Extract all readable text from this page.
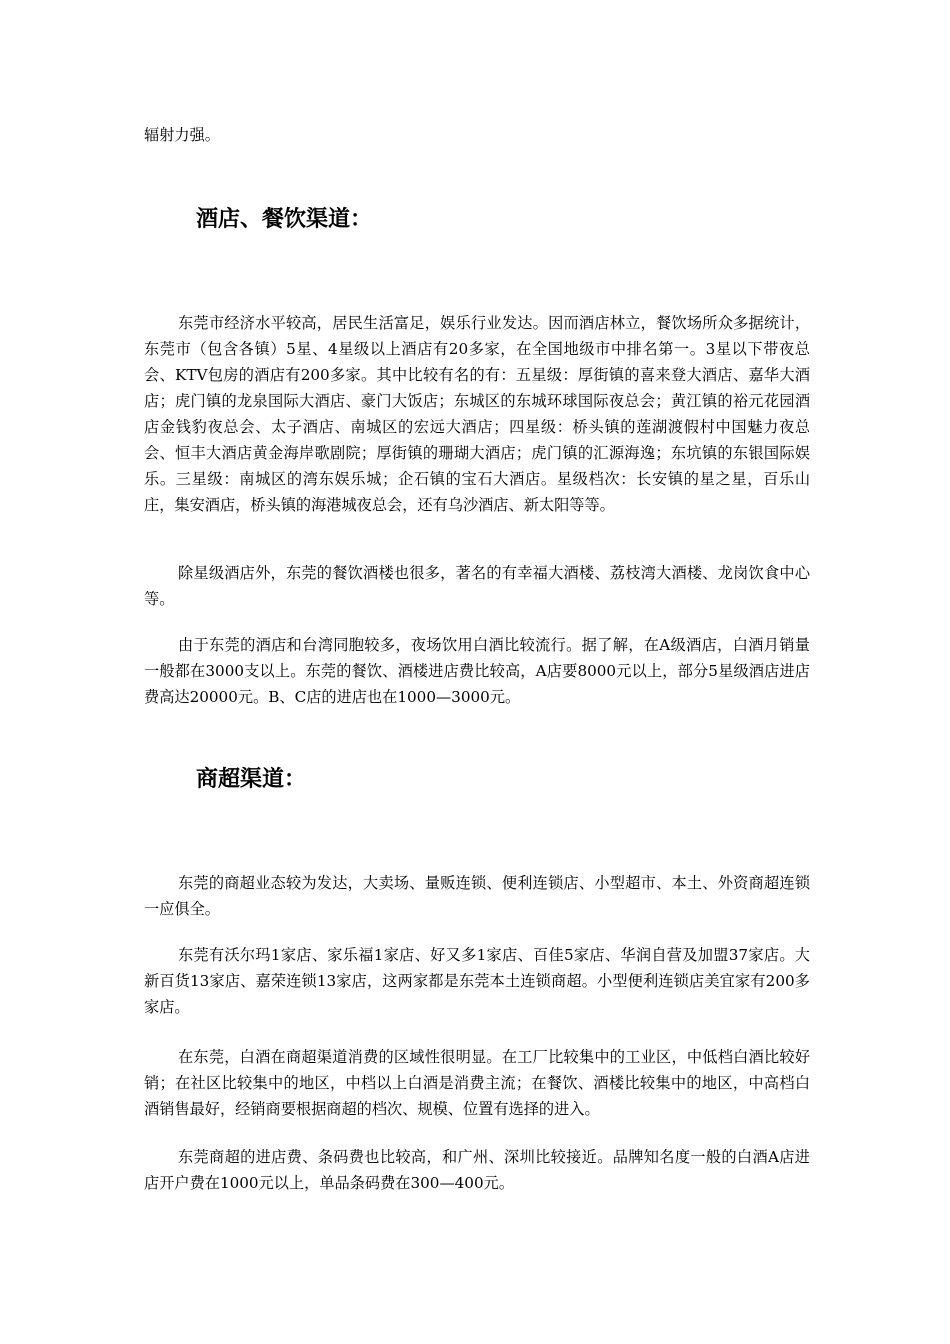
辐射力强。

酒店、餐饮渠道：

东莞市经济水平较高，居民生活富足，娱乐行业发达。因而酒店林立，餐饮场所众多据统计，东莞市（包含各镇）5星、4星级以上酒店有20多家，在全国地级市中排名第一。3星以下带夜总会、KTV包房的酒店有200多家。其中比较有名的有：五星级：厚街镇的喜来登大酒店、嘉华大酒店；虎门镇的龙泉国际大酒店、豪门大饭店；东城区的东城环球国际夜总会；黄江镇的裕元花园酒店金钱豹夜总会、太子酒店、南城区的宏远大酒店；四星级：桥头镇的莲湖渡假村中国魅力夜总会、恒丰大酒店黄金海岸歌剧院；厚街镇的珊瑚大酒店；虎门镇的汇源海逸；东坑镇的东银国际娱乐。三星级：南城区的湾东娱乐城；企石镇的宝石大酒店。星级档次：长安镇的星之星，百乐山庄，集安酒店，桥头镇的海港城夜总会，还有乌沙酒店、新太阳等等。

除星级酒店外，东莞的餐饮酒楼也很多，著名的有幸福大酒楼、荔枝湾大酒楼、龙岗饮食中心等。

由于东莞的酒店和台湾同胞较多，夜场饮用白酒比较流行。据了解，在A级酒店，白酒月销量一般都在3000支以上。东莞的餐饮、酒楼进店费比较高，A店要8000元以上，部分5星级酒店进店费高达20000元。B、C店的进店也在1000—3000元。

商超渠道：

东莞的商超业态较为发达，大卖场、量贩连锁、便利连锁店、小型超市、本土、外资商超连锁一应俱全。

东莞有沃尔玛1家店、家乐福1家店、好又多1家店、百佳5家店、华润自营及加盟37家店。大新百货13家店、嘉荣连锁13家店，这两家都是东莞本土连锁商超。小型便利连锁店美宜家有200多家店。

在东莞，白酒在商超渠道消费的区域性很明显。在工厂比较集中的工业区，中低档白酒比较好销；在社区比较集中的地区，中档以上白酒是消费主流；在餐饮、酒楼比较集中的地区，中高档白酒销售最好，经销商要根据商超的档次、规模、位置有选择的进入。

东莞商超的进店费、条码费也比较高，和广州、深圳比较接近。品牌知名度一般的白酒A店进店开户费在1000元以上，单品条码费在300—400元。
